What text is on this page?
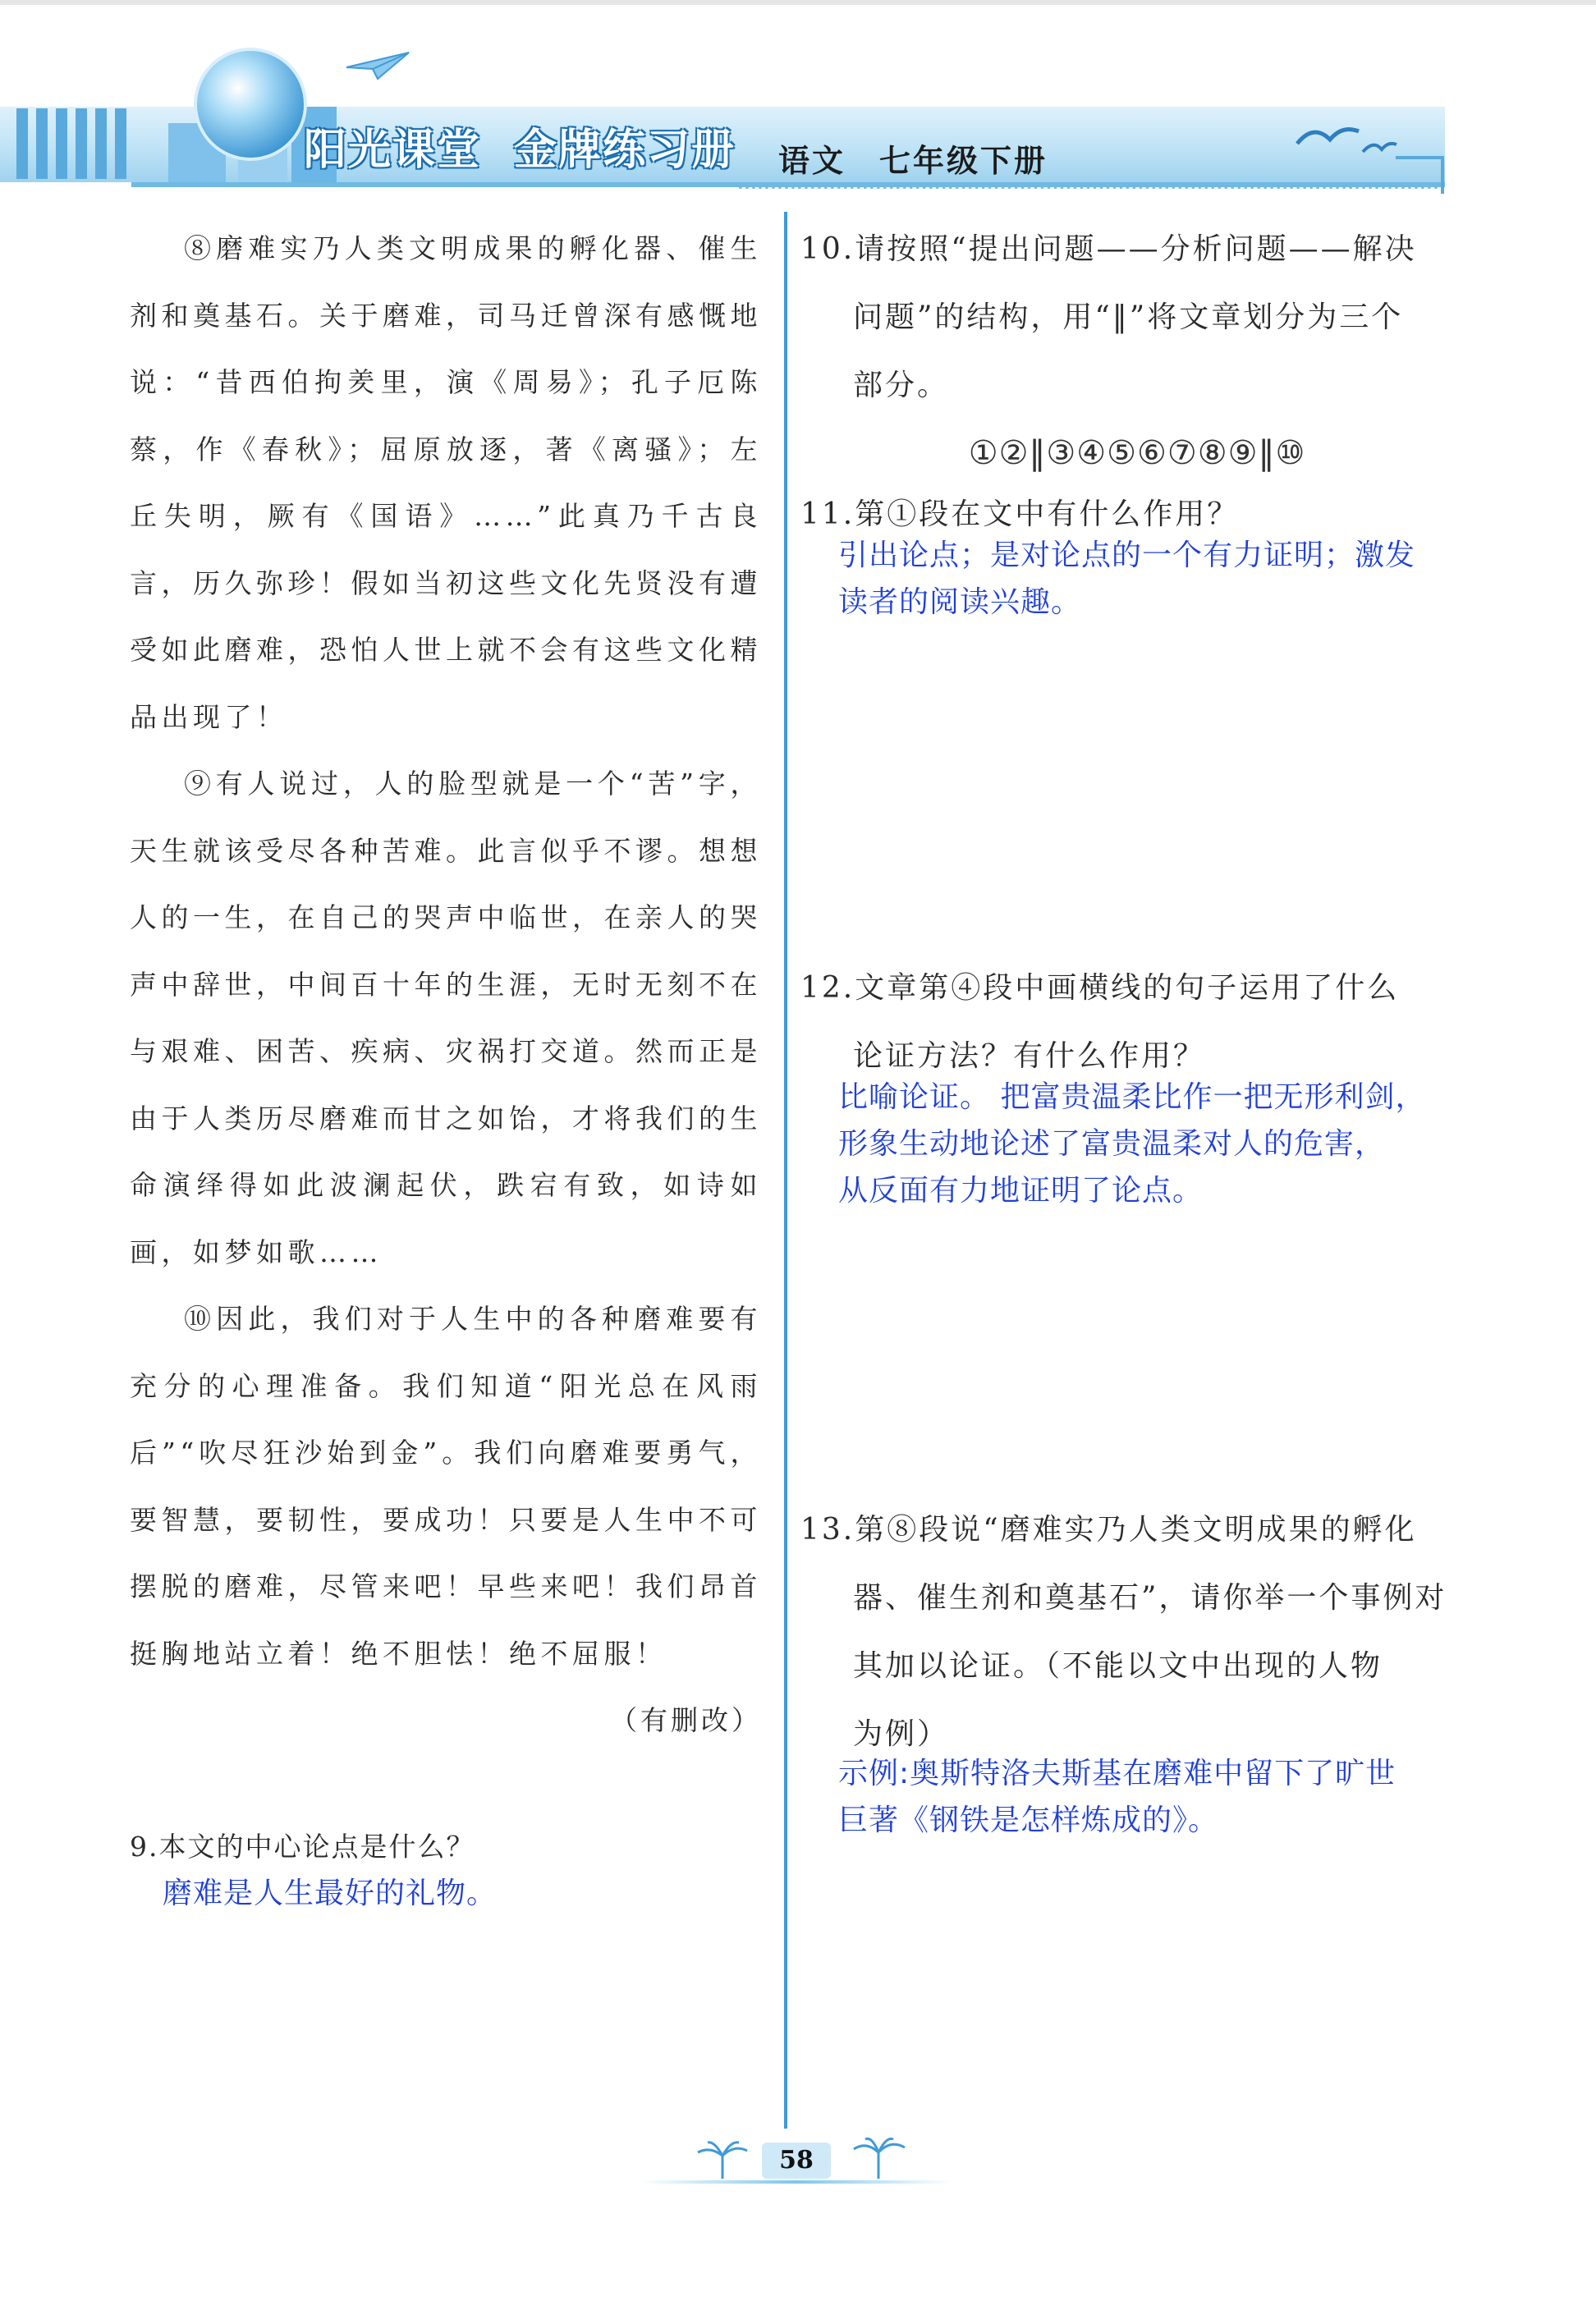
阳光课堂 金牌练习册 语文　七年级下册

⑧磨难实乃人类文明成果的孵化器、催生剂和奠基石。关于磨难，司马迁曾深有感慨地说：“昔西伯拘羑里，演《周易》；孔子厄陈蔡，作《春秋》；屈原放逐，著《离骚》；左丘失明，厥有《国语》……”此真乃千古良言，历久弥珍！假如当初这些文化先贤没有遭受如此磨难，恐怕人世上就不会有这些文化精品出现了！

⑨有人说过，人的脸型就是一个“苦”字，天生就该受尽各种苦难。此言似乎不谬。想想人的一生，在自己的哭声中临世，在亲人的哭声中辞世，中间百十年的生涯，无时无刻不在与艰难、困苦、疾病、灾祸打交道。然而正是由于人类历尽磨难而甘之如饴，才将我们的生命演绎得如此波澜起伏，跌宕有致，如诗如画，如梦如歌……

⑩因此，我们对于人生中的各种磨难要有充分的心理准备。我们知道“阳光总在风雨后”“吹尽狂沙始到金”。我们向磨难要勇气，要智慧，要韧性，要成功！只要是人生中不可摆脱的磨难，尽管来吧！早些来吧！我们昂首挺胸地站立着！绝不胆怯！绝不屈服！

（有删改）

9.本文的中心论点是什么？

磨难是人生最好的礼物。

10.请按照“提出问题——分析问题——解决

问题”的结构，用“‖”将文章划分为三个

部分。

①②‖③④⑤⑥⑦⑧⑨‖⑩

11.第①段在文中有什么作用？

引出论点；是对论点的一个有力证明；激发

读者的阅读兴趣。

12.文章第④段中画横线的句子运用了什么

论证方法？有什么作用？

比喻论证。 把富贵温柔比作一把无形利剑，

形象生动地论述了富贵温柔对人的危害，

从反面有力地证明了论点。

13.第⑧段说“磨难实乃人类文明成果的孵化

器、催生剂和奠基石”，请你举一个事例对

其加以论证。（不能以文中出现的人物

为例）

示例:奥斯特洛夫斯基在磨难中留下了旷世

巨著《钢铁是怎样炼成的》。

58
